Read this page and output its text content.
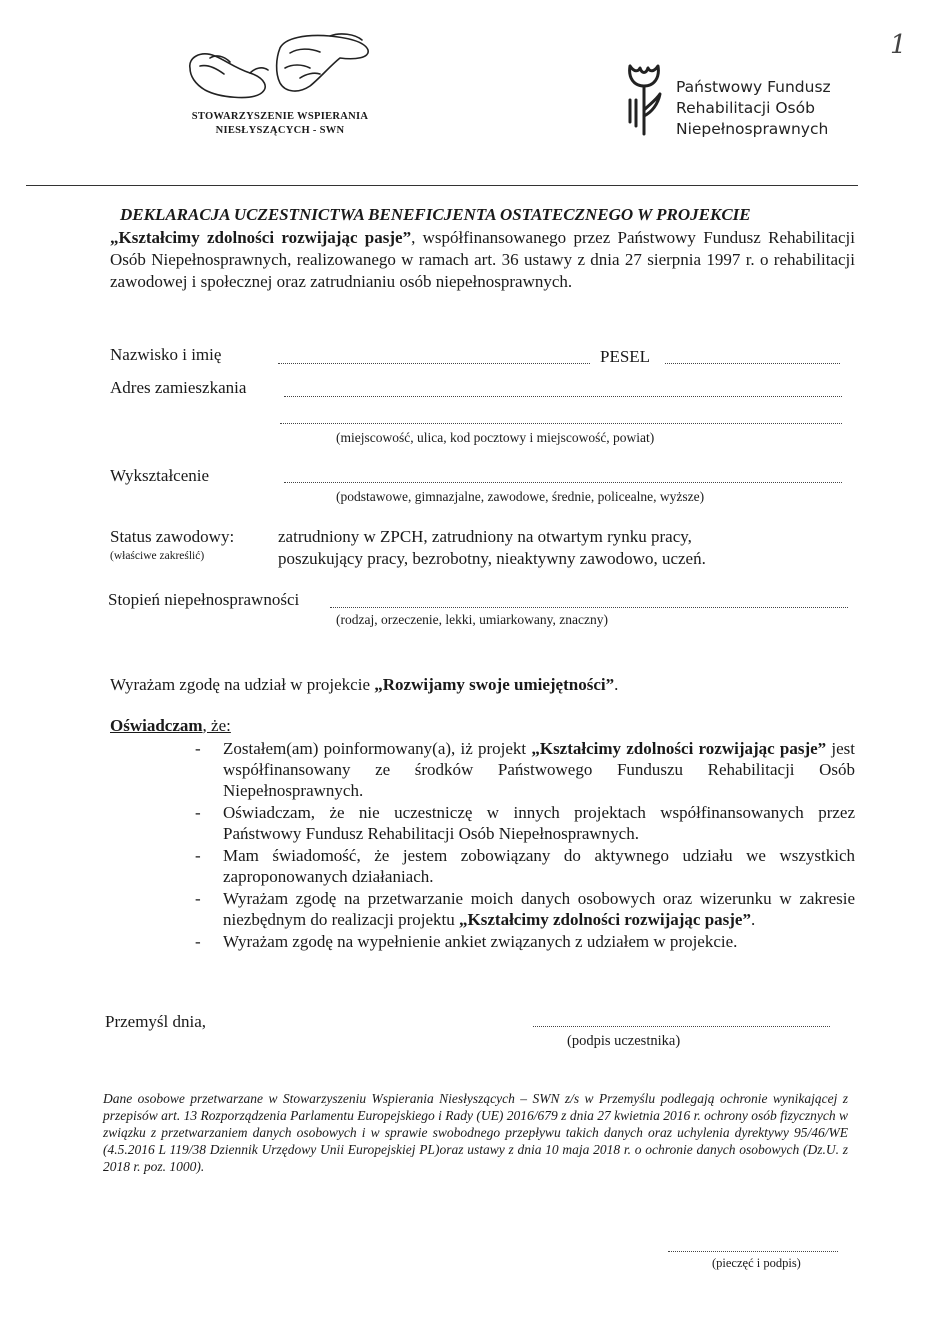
1
STOWARZYSZENIE WSPIERANIA
NIESŁYSZĄCYCH - SWN
Państwowy Fundusz
Rehabilitacji Osób
Niepełnosprawnych
DEKLARACJA UCZESTNICTWA BENEFICJENTA OSTATECZNEGO W PROJEKCIE
„Kształcimy zdolności rozwijając pasje”, współfinansowanego przez Państwowy Fundusz Rehabilitacji Osób Niepełnosprawnych, realizowanego w ramach art. 36 ustawy z dnia 27 sierpnia 1997 r. o rehabilitacji zawodowej i społecznej oraz zatrudnianiu osób niepełnosprawnych.
Nazwisko i imię	PESEL
Adres zamieszkania
(miejscowość, ulica, kod pocztowy i miejscowość, powiat)
Wykształcenie
(podstawowe, gimnazjalne, zawodowe, średnie, policealne, wyższe)
Status zawodowy:
(właściwe zakreślić)
zatrudniony w ZPCH, zatrudniony na otwartym rynku pracy,
poszukujący pracy, bezrobotny, nieaktywny zawodowo, uczeń.
Stopień niepełnosprawności
(rodzaj, orzeczenie, lekki, umiarkowany, znaczny)
Wyrażam zgodę na udział w projekcie „Rozwijamy swoje umiejętności”.
Oświadczam, że:
- Zostałem(am) poinformowany(a), iż projekt „Kształcimy zdolności rozwijając pasje” jest współfinansowany ze środków Państwowego Funduszu Rehabilitacji Osób Niepełnosprawnych.
- Oświadczam, że nie uczestniczę w innych projektach współfinansowanych przez Państwowy Fundusz Rehabilitacji Osób Niepełnosprawnych.
- Mam świadomość, że jestem zobowiązany do aktywnego udziału we wszystkich zaproponowanych działaniach.
- Wyrażam zgodę na przetwarzanie moich danych osobowych oraz wizerunku w zakresie niezbędnym do realizacji projektu „Kształcimy zdolności rozwijając pasje”.
- Wyrażam zgodę na wypełnienie ankiet związanych z udziałem w projekcie.
Przemyśl dnia,
(podpis uczestnika)
Dane osobowe przetwarzane w Stowarzyszeniu Wspierania Niesłyszących – SWN z/s w Przemyślu podlegają ochronie wynikającej z przepisów art. 13 Rozporządzenia Parlamentu Europejskiego i Rady (UE) 2016/679 z dnia 27 kwietnia 2016 r. ochrony osób fizycznych w związku z przetwarzaniem danych osobowych i w sprawie swobodnego przepływu takich danych oraz uchylenia dyrektywy 95/46/WE (4.5.2016 L 119/38 Dziennik Urzędowy Unii Europejskiej PL)oraz ustawy z dnia 10 maja 2018 r. o ochronie danych osobowych (Dz.U. z 2018 r. poz. 1000).
(pieczęć i podpis)
